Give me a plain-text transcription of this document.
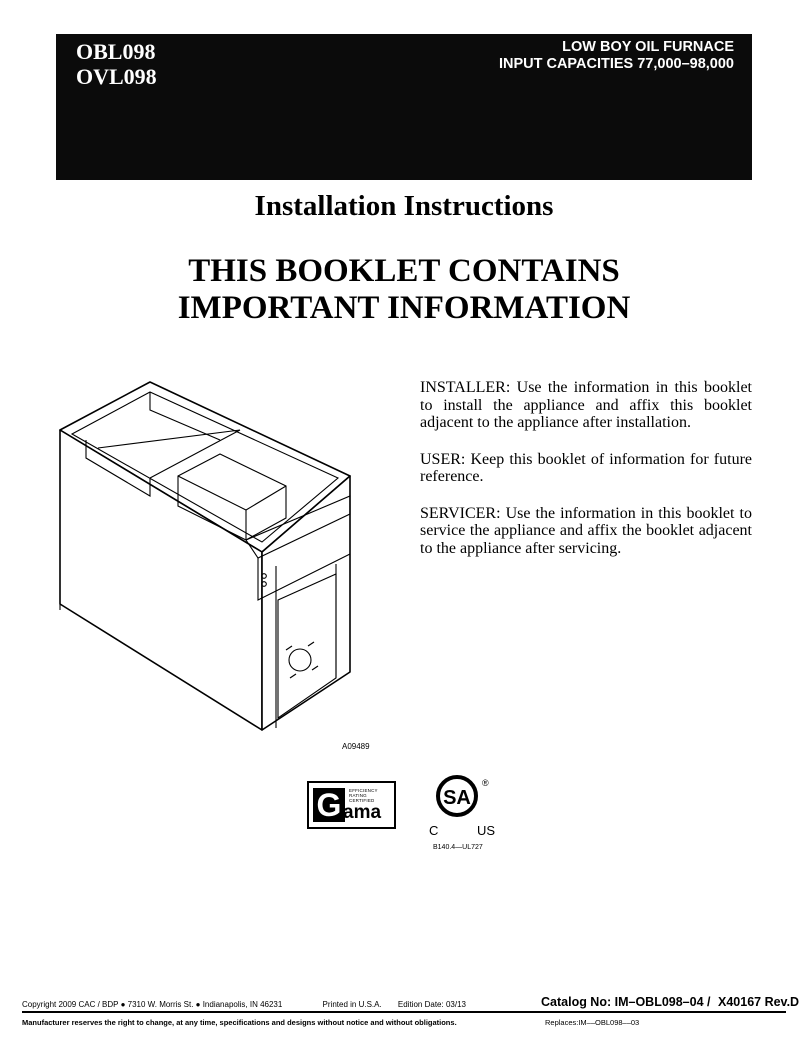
OBL098
OVL098
LOW BOY OIL FURNACE
INPUT CAPACITIES 77,000–98,000
Installation Instructions
THIS BOOKLET CONTAINS
IMPORTANT INFORMATION
A09489

INSTALLER: Use the information in this booklet to install the appliance and affix this booklet adjacent to the appliance after installation.

USER: Keep this booklet of information for future reference.

SERVICER: Use the information in this booklet to service the appliance and affix the booklet adjacent to the appliance after servicing.

G	EFFICIENCY
RATING
CERTIFIED
ama
SA
®
C	US
B140.4—UL727
Copyright 2009 CAC / BDP ● 7310 W. Morris St. ● Indianapolis, IN 46231	Printed in U.S.A. Edition Date: 03/13	Catalog No: IM–OBL098–04 / X40167 Rev.D
Manufacturer reserves the right to change, at any time, specifications and designs without notice and without obligations.	Replaces:IM––OBL098––03
